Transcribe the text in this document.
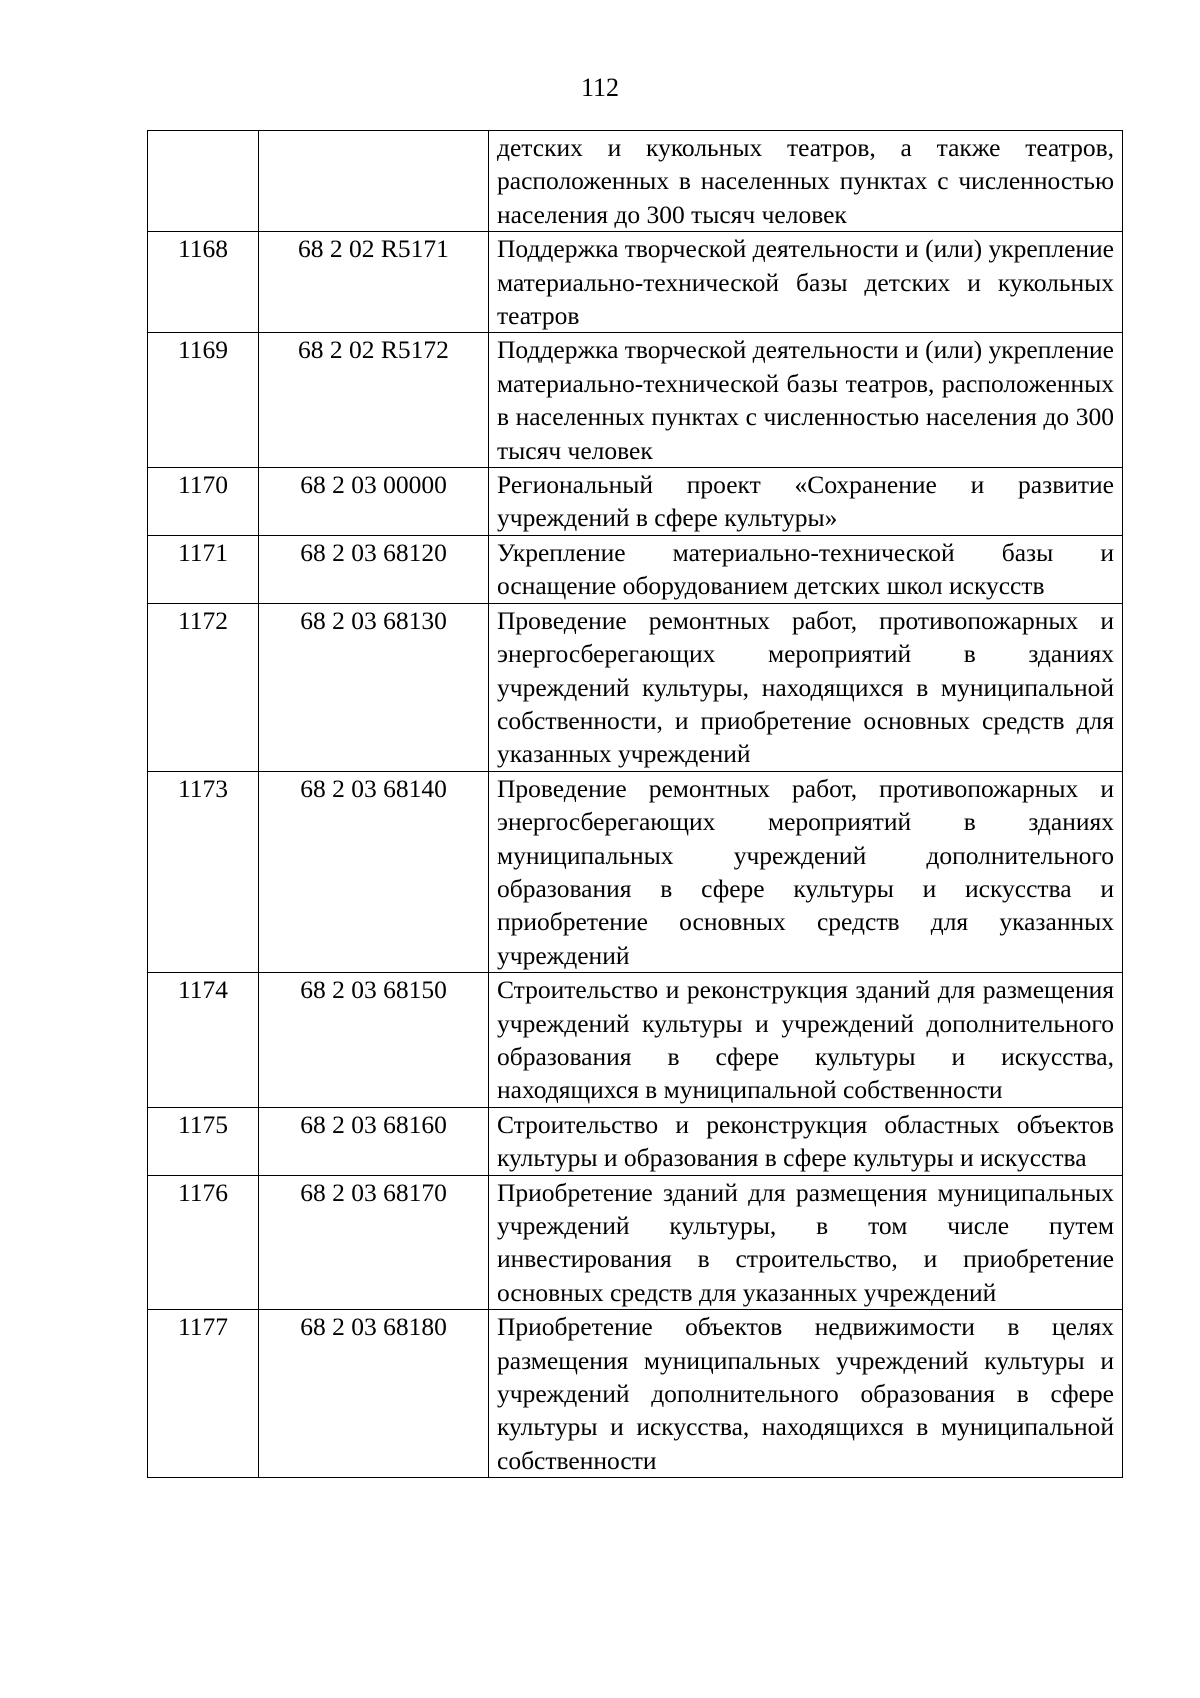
112
		детских и кукольных театров, а также театров, расположенных в населенных пунктах с численностью населения до 300 тысяч человек
1168	68 2 02 R5171	Поддержка творческой деятельности и (или) укрепление материально-технической базы детских и кукольных театров
1169	68 2 02 R5172	Поддержка творческой деятельности и (или) укрепление материально-технической базы театров, расположенных в населенных пунктах с численностью населения до 300 тысяч человек
1170	68 2 03 00000	Региональный проект «Сохранение и развитие учреждений в сфере культуры»
1171	68 2 03 68120	Укрепление материально-технической базы и оснащение оборудованием детских школ искусств
1172	68 2 03 68130	Проведение ремонтных работ, противопожарных и энергосберегающих мероприятий в зданиях учреждений культуры, находящихся в муниципальной собственности, и приобретение основных средств для указанных учреждений
1173	68 2 03 68140	Проведение ремонтных работ, противопожарных и энергосберегающих мероприятий в зданиях муниципальных учреждений дополнительного образования в сфере культуры и искусства и приобретение основных средств для указанных учреждений
1174	68 2 03 68150	Строительство и реконструкция зданий для размещения учреждений культуры и учреждений дополнительного образования в сфере культуры и искусства, находящихся в муниципальной собственности
1175	68 2 03 68160	Строительство и реконструкция областных объектов культуры и образования в сфере культуры и искусства
1176	68 2 03 68170	Приобретение зданий для размещения муниципальных учреждений культуры, в том числе путем инвестирования в строительство, и приобретение основных средств для указанных учреждений
1177	68 2 03 68180	Приобретение объектов недвижимости в целях размещения муниципальных учреждений культуры и учреждений дополнительного образования в сфере культуры и искусства, находящихся в муниципальной собственности
